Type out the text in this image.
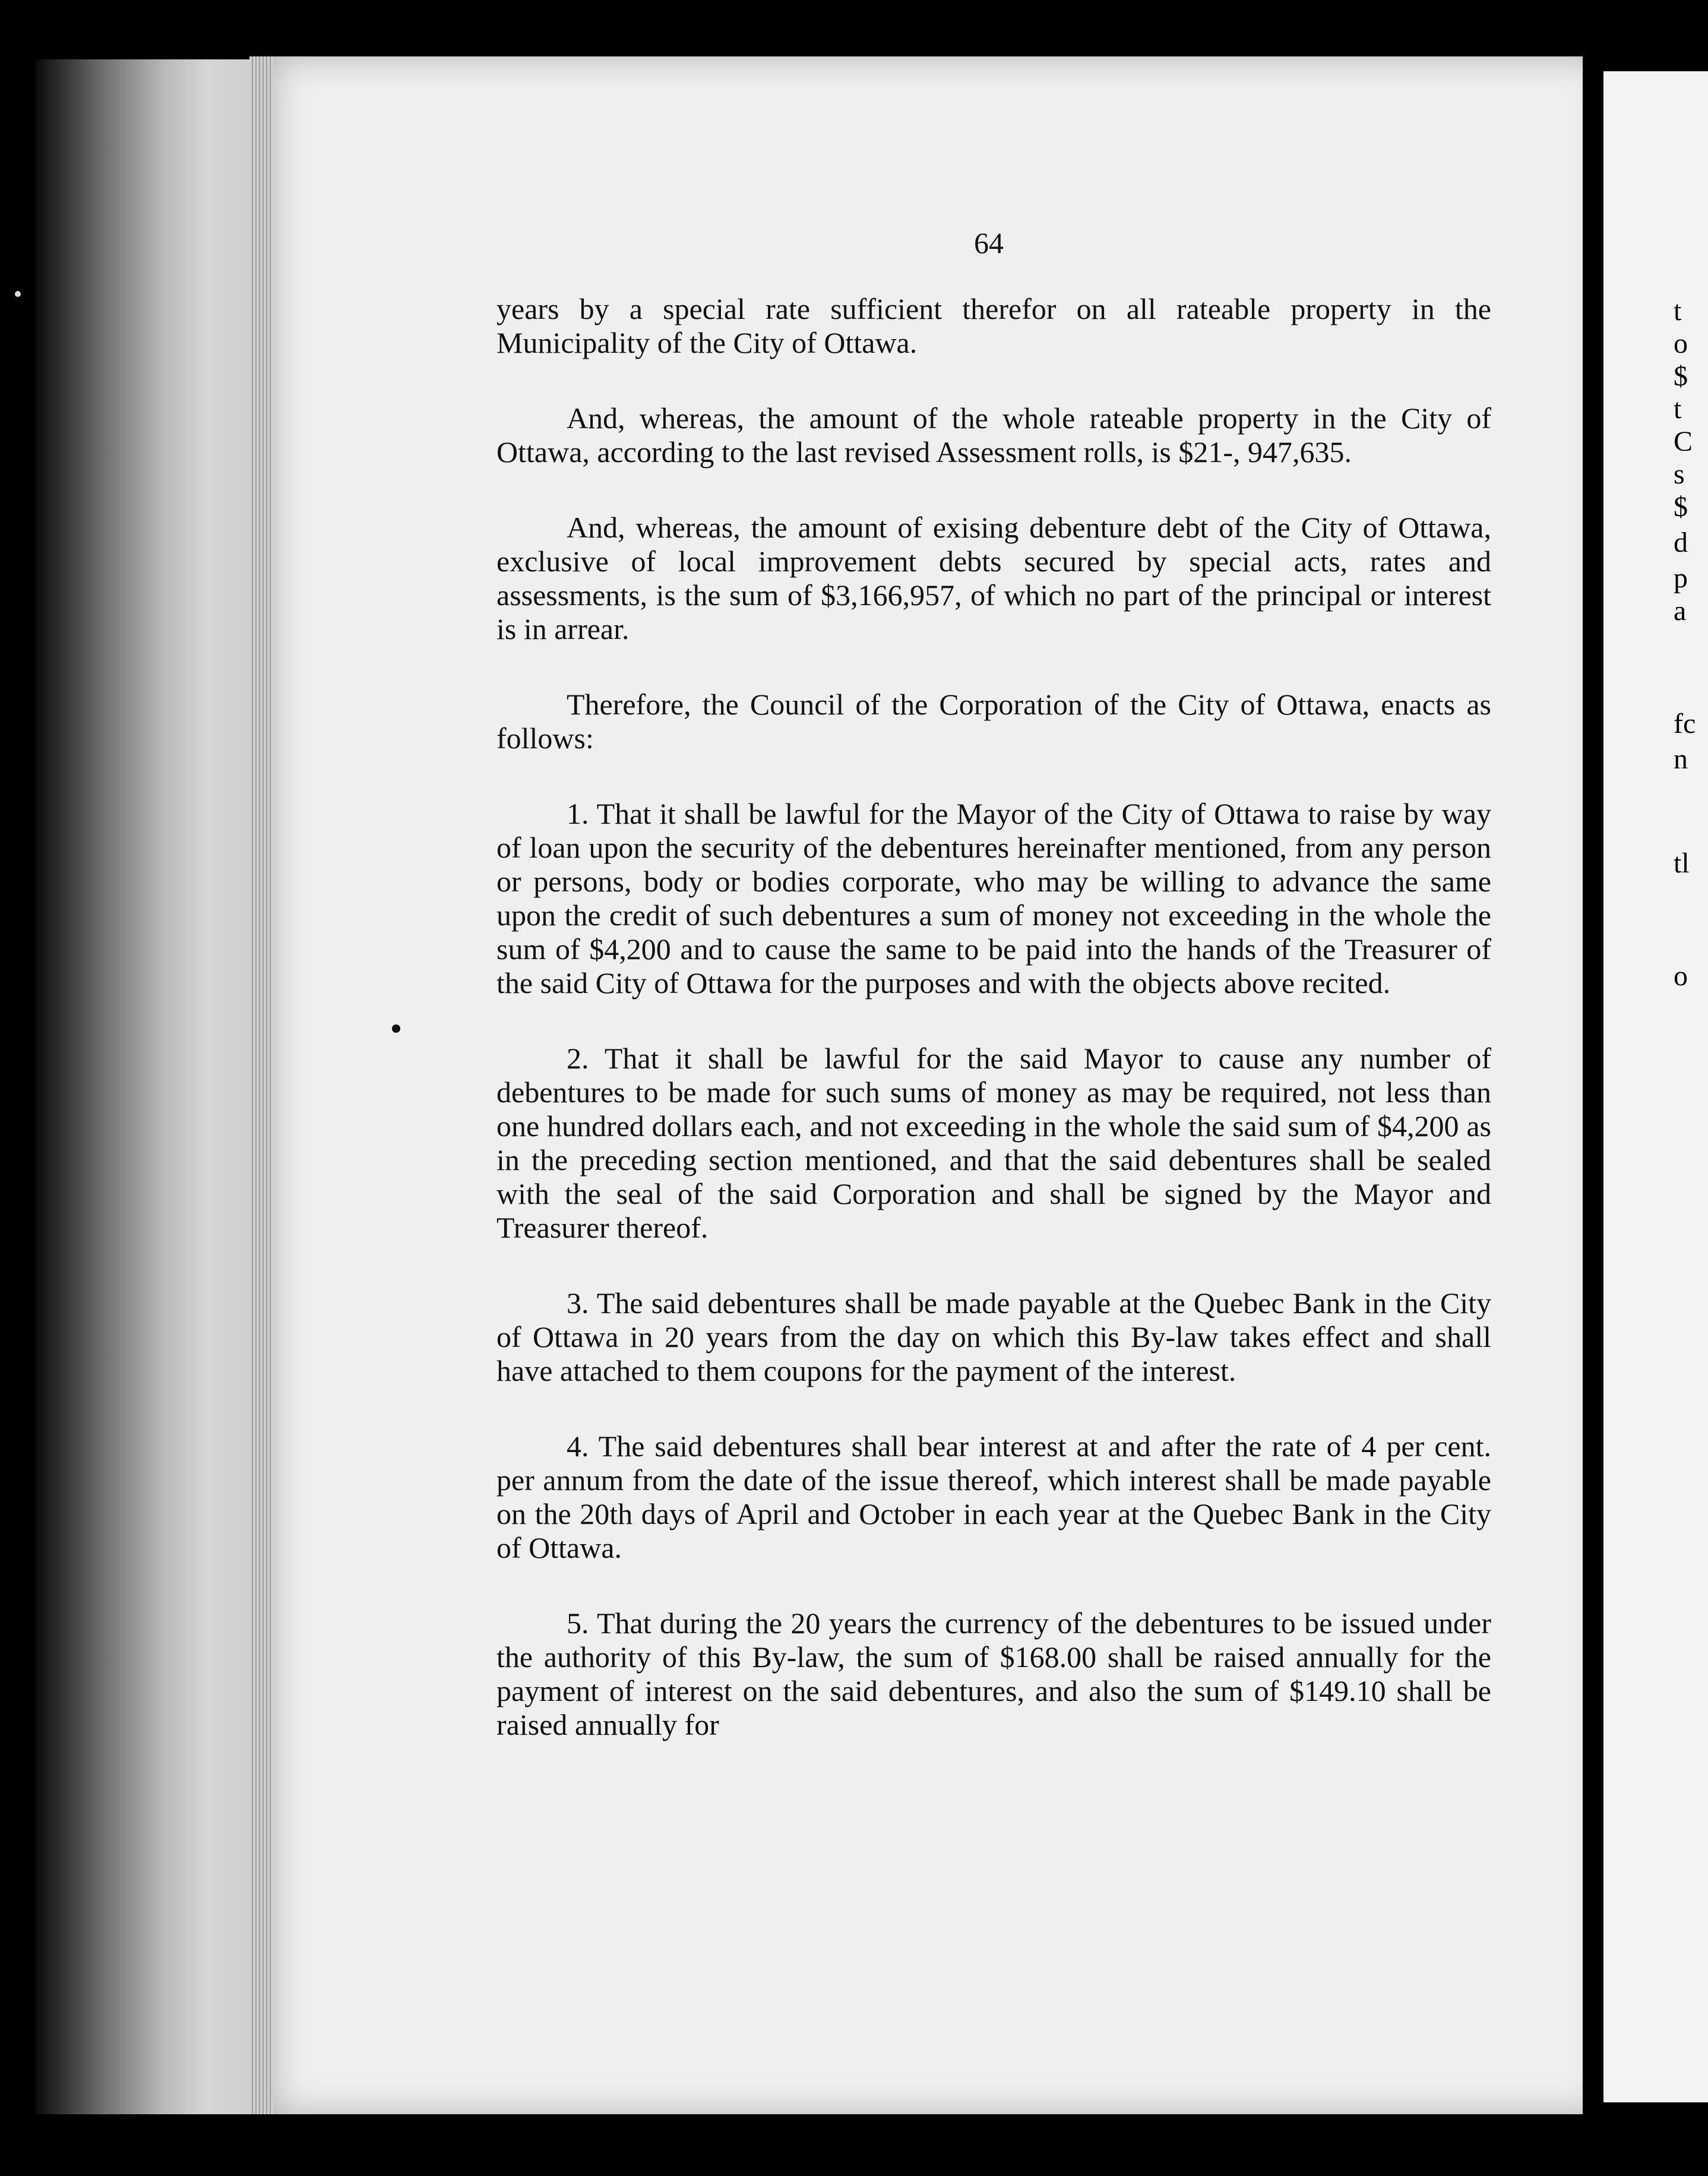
64

years by a special rate sufficient therefor on all rateable property in the Municipality of the City of Ottawa.

And, whereas, the amount of the whole rateable property in the City of Ottawa, according to the last revised Assessment rolls, is $21-, 947,635.

And, whereas, the amount of exising debenture debt of the City of Ottawa, exclusive of local improvement debts secured by special acts, rates and assessments, is the sum of $3,166,957, of which no part of the principal or interest is in arrear.

Therefore, the Council of the Corporation of the City of Ottawa, enacts as follows:

1. That it shall be lawful for the Mayor of the City of Ottawa to raise by way of loan upon the security of the debentures hereinafter mentioned, from any person or persons, body or bodies corporate, who may be willing to advance the same upon the credit of such debentures a sum of money not exceeding in the whole the sum of $4,200 and to cause the same to be paid into the hands of the Treasurer of the said City of Ottawa for the purposes and with the objects above recited.

2. That it shall be lawful for the said Mayor to cause any number of debentures to be made for such sums of money as may be required, not less than one hundred dollars each, and not exceeding in the whole the said sum of $4,200 as in the preceding section mentioned, and that the said debentures shall be sealed with the seal of the said Corporation and shall be signed by the Mayor and Treasurer thereof.

3. The said debentures shall be made payable at the Quebec Bank in the City of Ottawa in 20 years from the day on which this By-law takes effect and shall have attached to them coupons for the payment of the interest.

4. The said debentures shall bear interest at and after the rate of 4 per cent. per annum from the date of the issue thereof, which interest shall be made payable on the 20th days of April and October in each year at the Quebec Bank in the City of Ottawa.

5. That during the 20 years the currency of the debentures to be issued under the authority of this By-law, the sum of $168.00 shall be raised annually for the payment of interest on the said debentures, and also the sum of $149.10 shall be raised annually for

t
o
$
t
C
s
$
d
p
a
fc
n
tl
o
